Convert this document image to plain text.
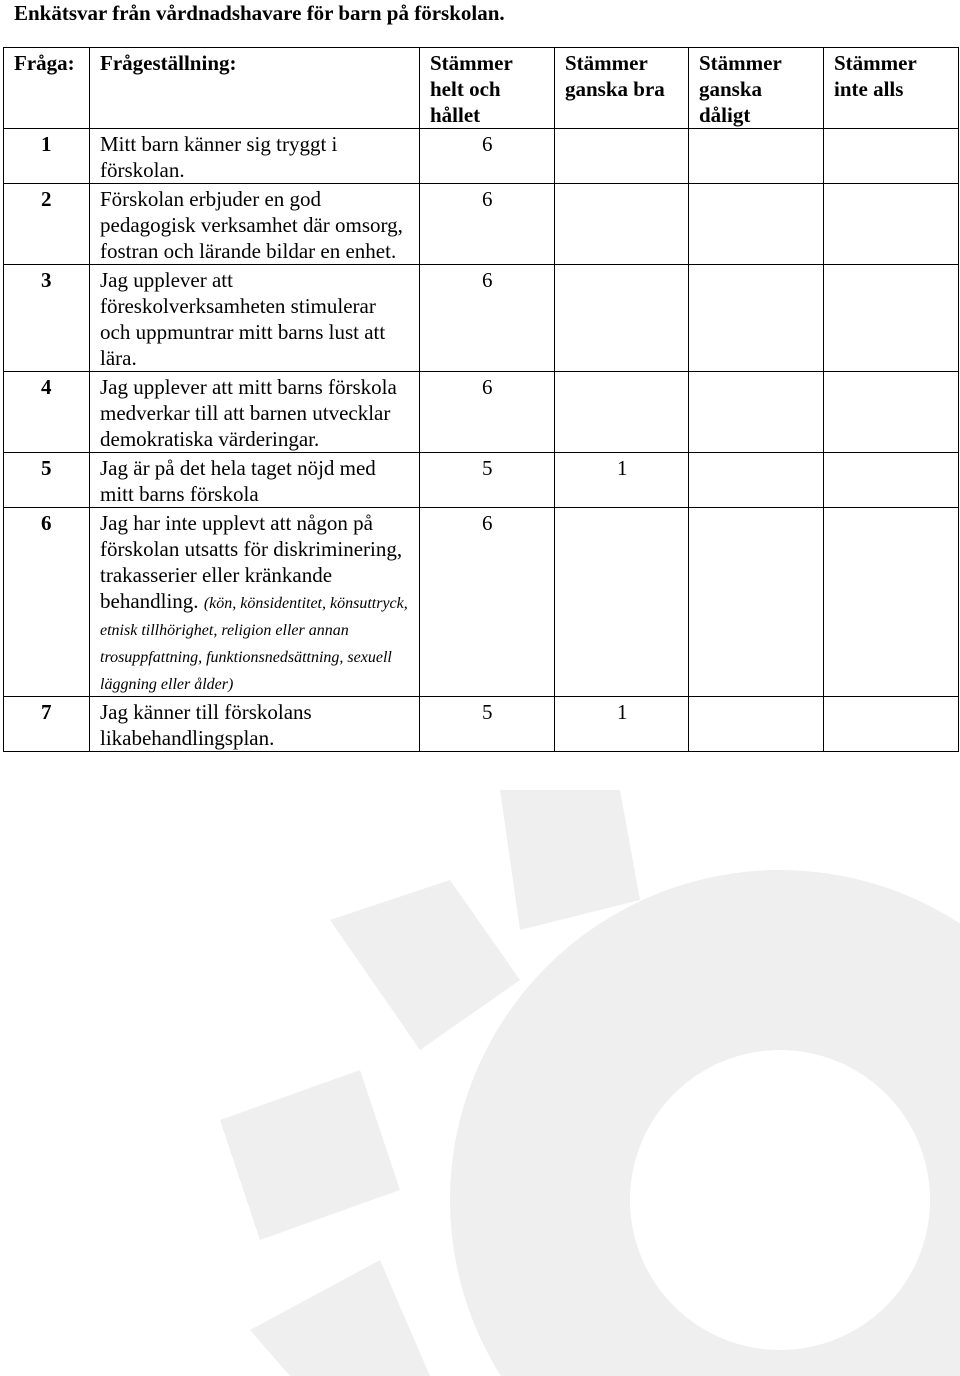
Enkätsvar från vårdnadshavare för barn på förskolan.
Fråga:	Frågeställning:	Stämmer helt och hållet	Stämmer ganska bra	Stämmer ganska dåligt	Stämmer inte alls
1	Mitt barn känner sig tryggt i förskolan.	6			
2	Förskolan erbjuder en god pedagogisk verksamhet där omsorg, fostran och lärande bildar en enhet.	6			
3	Jag upplever att föreskolverksamheten stimulerar och uppmuntrar mitt barns lust att lära.	6			
4	Jag upplever att mitt barns förskola medverkar till att barnen utvecklar demokratiska värderingar.	6			
5	Jag är på det hela taget nöjd med mitt barns förskola	5	1		
6	Jag har inte upplevt att någon på förskolan utsatts för diskriminering, trakasserier eller kränkande behandling. (kön, könsidentitet, könsuttryck, etnisk tillhörighet, religion eller annan trosuppfattning, funktionsnedsättning, sexuell läggning eller ålder)	6			
7	Jag känner till förskolans likabehandlingsplan.	5	1		
